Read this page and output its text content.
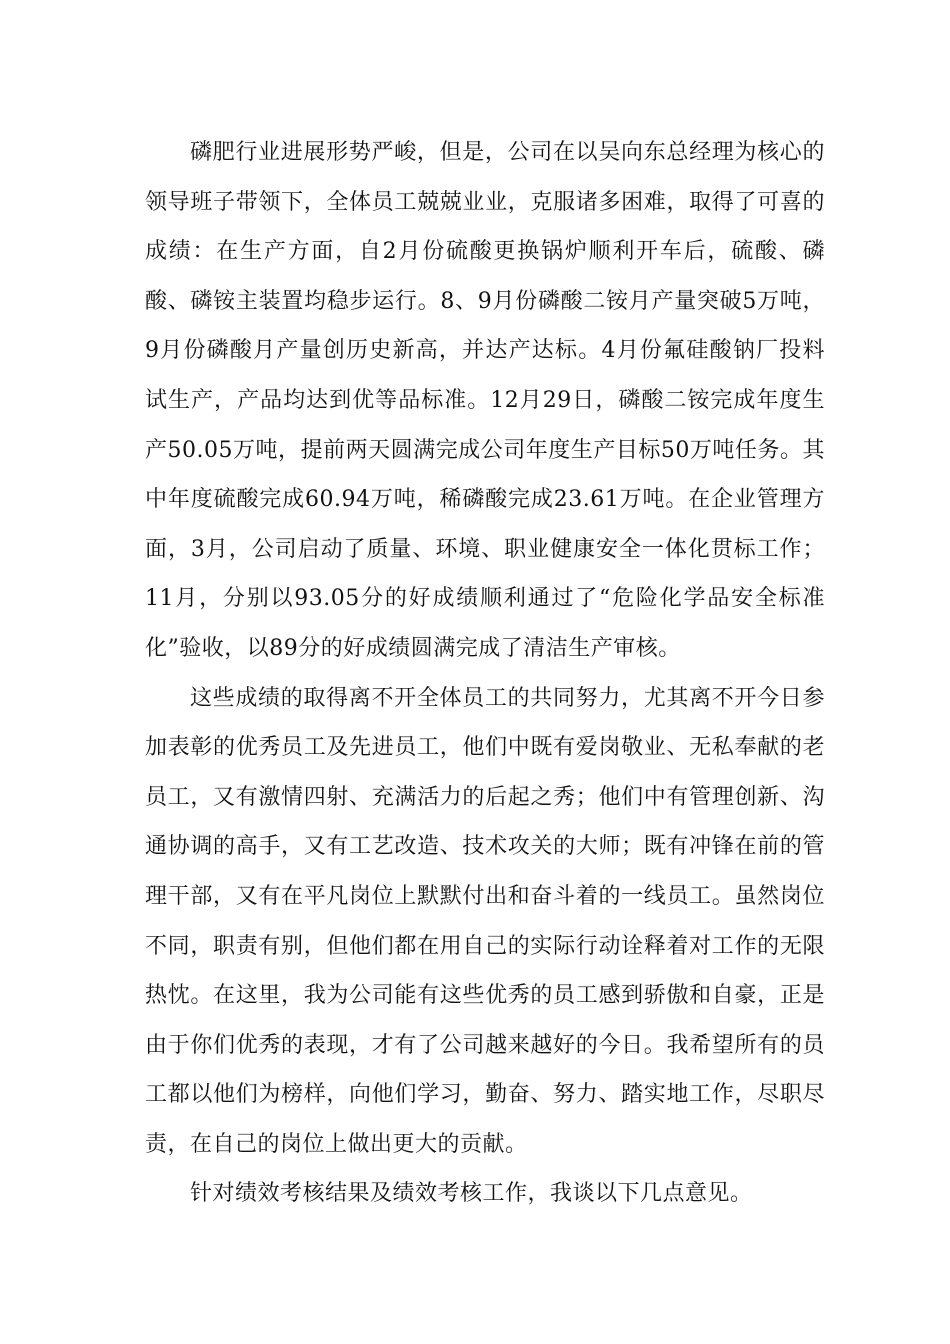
磷肥行业进展形势严峻，但是，公司在以吴向东总经理为核心的领导班子带领下，全体员工兢兢业业，克服诸多困难，取得了可喜的成绩：在生产方面，自2月份硫酸更换锅炉顺利开车后，硫酸、磷酸、磷铵主装置均稳步运行。8、9月份磷酸二铵月产量突破5万吨，9月份磷酸月产量创历史新高，并达产达标。4月份氟硅酸钠厂投料试生产，产品均达到优等品标准。12月29日，磷酸二铵完成年度生产50.05万吨，提前两天圆满完成公司年度生产目标50万吨任务。其中年度硫酸完成60.94万吨，稀磷酸完成23.61万吨。在企业管理方面，3月，公司启动了质量、环境、职业健康安全一体化贯标工作；11月，分别以93.05分的好成绩顺利通过了“危险化学品安全标准化”验收，以89分的好成绩圆满完成了清洁生产审核。

这些成绩的取得离不开全体员工的共同努力，尤其离不开今日参加表彰的优秀员工及先进员工，他们中既有爱岗敬业、无私奉献的老员工，又有激情四射、充满活力的后起之秀；他们中有管理创新、沟通协调的高手，又有工艺改造、技术攻关的大师；既有冲锋在前的管理干部，又有在平凡岗位上默默付出和奋斗着的一线员工。虽然岗位不同，职责有别，但他们都在用自己的实际行动诠释着对工作的无限热忱。在这里，我为公司能有这些优秀的员工感到骄傲和自豪，正是由于你们优秀的表现，才有了公司越来越好的今日。我希望所有的员工都以他们为榜样，向他们学习，勤奋、努力、踏实地工作，尽职尽责，在自己的岗位上做出更大的贡献。

针对绩效考核结果及绩效考核工作，我谈以下几点意见。
